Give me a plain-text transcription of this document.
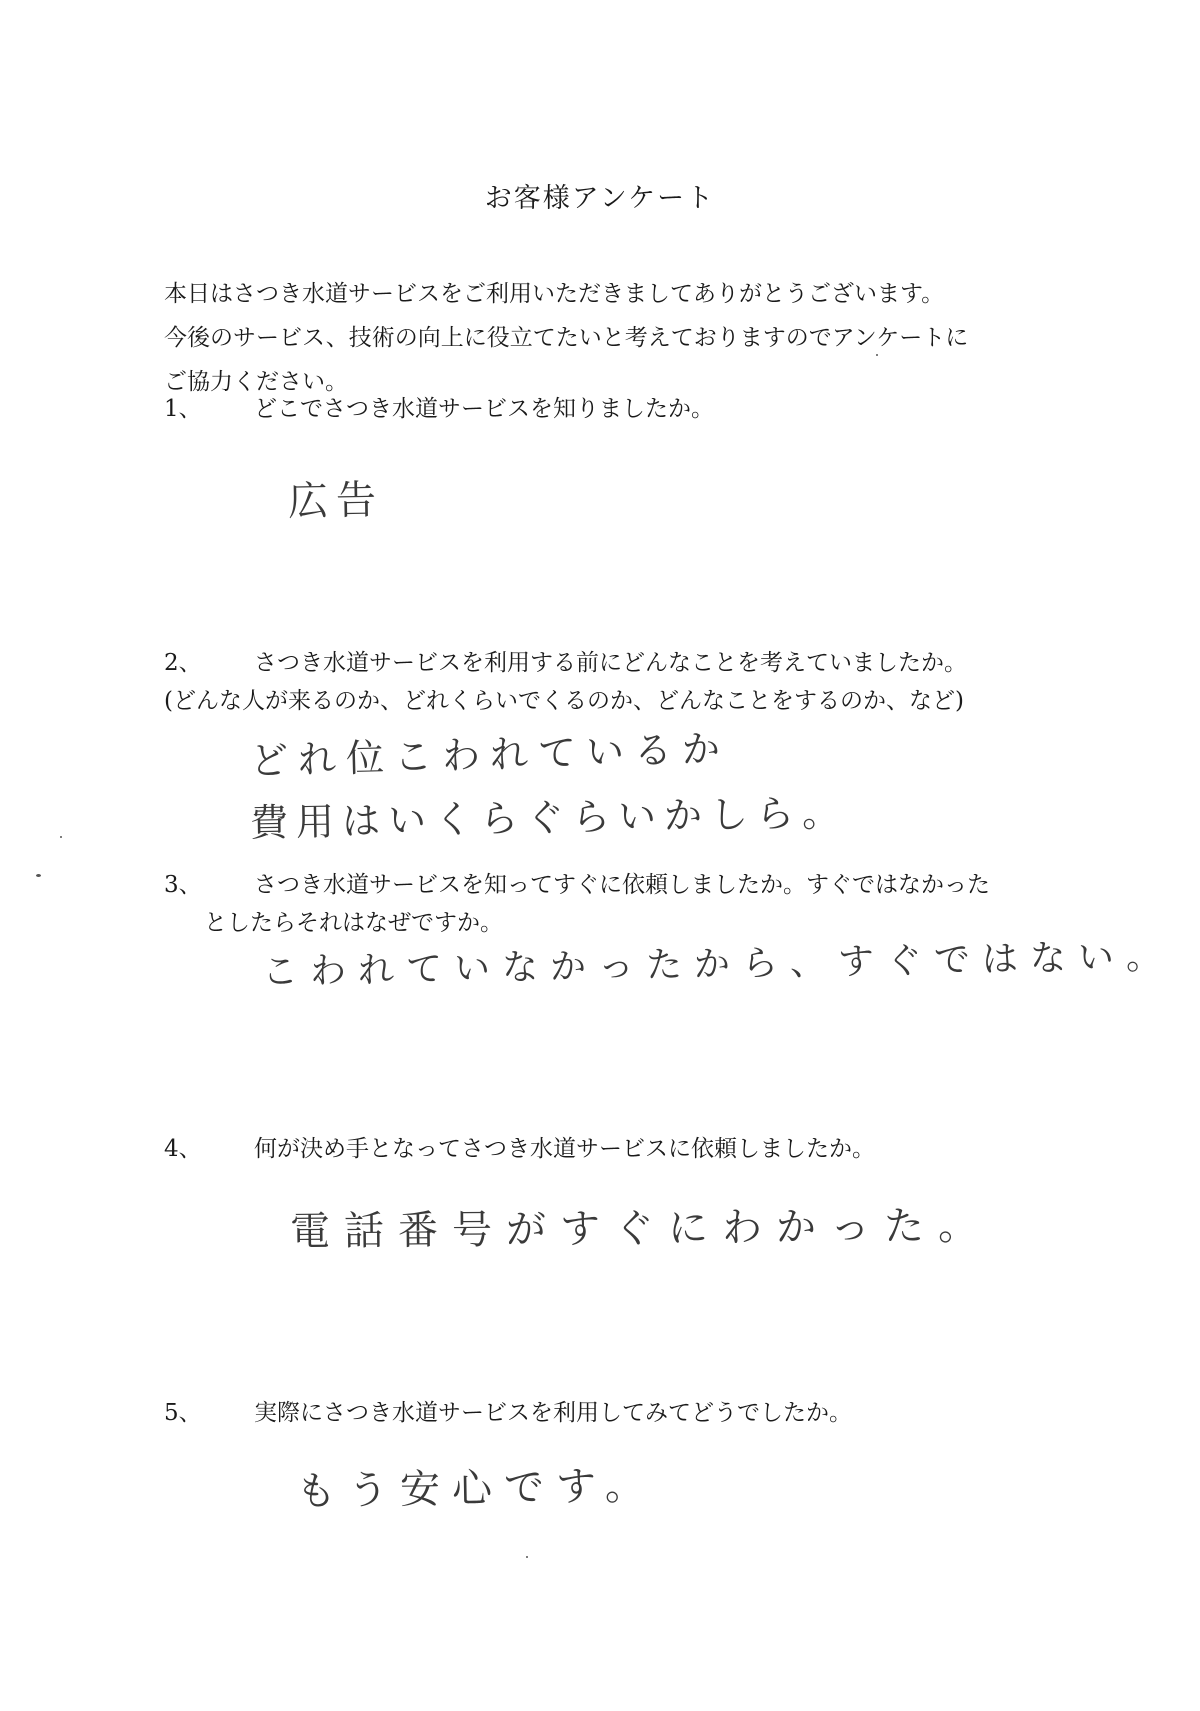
お客様アンケート
本日はさつき水道サービスをご利用いただきましてありがとうございます。
今後のサービス、技術の向上に役立てたいと考えておりますのでアンケートに
ご協力ください。
1、 どこでさつき水道サービスを知りましたか。
広告
2、 さつき水道サービスを利用する前にどんなことを考えていましたか。
(どんな人が来るのか、どれくらいでくるのか、どんなことをするのか、など)
どれ位こわれているか
費用はいくらぐらいかしら。
3、 さつき水道サービスを知ってすぐに依頼しましたか。すぐではなかった
としたらそれはなぜですか。
こわれていなかったから、すぐではない。
4、 何が決め手となってさつき水道サービスに依頼しましたか。
電話番号がすぐにわかった。
5、 実際にさつき水道サービスを利用してみてどうでしたか。
もう安心です。
